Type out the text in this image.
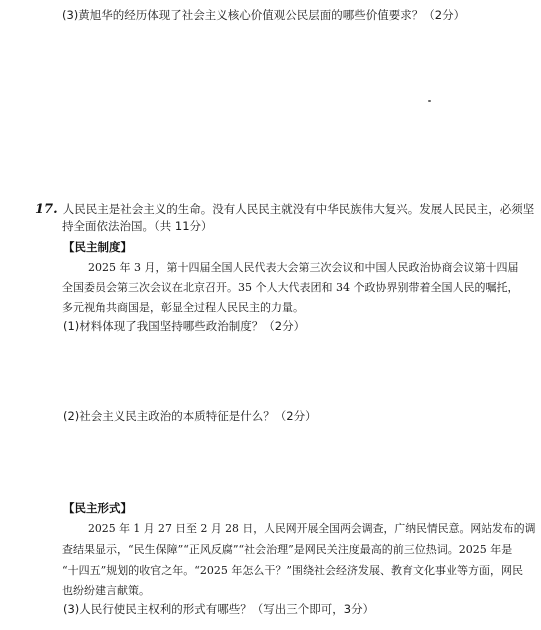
(3)黄旭华的经历体现了社会主义核心价值观公民层面的哪些价值要求？（2分）
17. 人民民主是社会主义的生命。没有人民民主就没有中华民族伟大复兴。发展人民民主，必须坚
持全面依法治国。（共 11分）
【民主制度】
2025 年 3 月，第十四届全国人民代表大会第三次会议和中国人民政治协商会议第十四届
全国委员会第三次会议在北京召开。35 个人大代表团和 34 个政协界别带着全国人民的嘱托，
多元视角共商国是，彰显全过程人民民主的力量。
(1)材料体现了我国坚持哪些政治制度？（2分）
(2)社会主义民主政治的本质特征是什么？（2分）
【民主形式】
2025 年 1 月 27 日至 2 月 28 日，人民网开展全国两会调查，广纳民情民意。网站发布的调
查结果显示，“民生保障”“正风反腐”“社会治理”是网民关注度最高的前三位热词。2025 年是
“十四五”规划的收官之年。“2025 年怎么干？”围绕社会经济发展、教育文化事业等方面，网民
也纷纷建言献策。
(3)人民行使民主权利的形式有哪些？（写出三个即可，3分）
